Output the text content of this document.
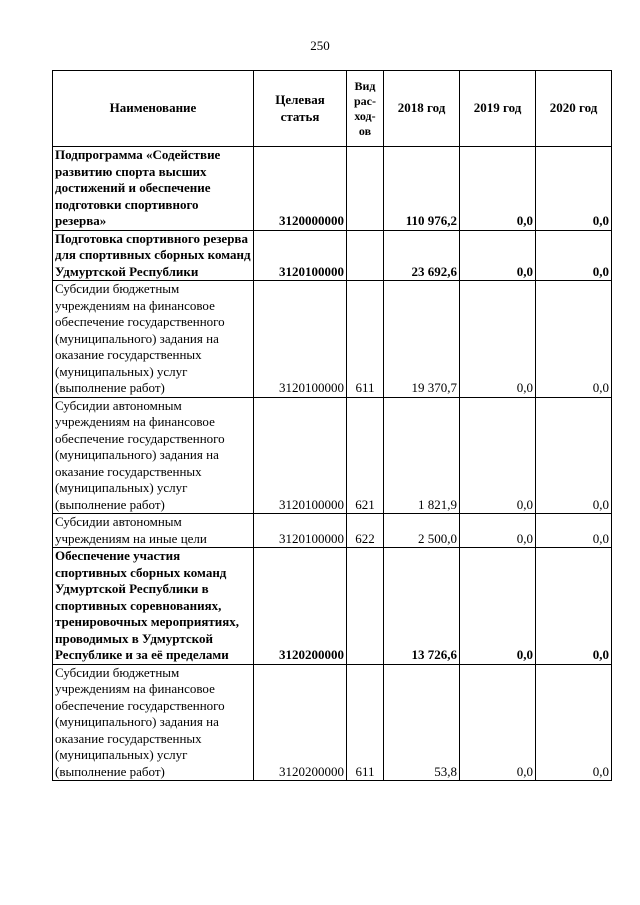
250
Наименование	Целевая статья	Вид рас-ход-ов	2018 год	2019 год	2020 год
Подпрограмма «Содействие развитию спорта высших достижений и обеспечение подготовки спортивного резерва»	3120000000		110 976,2	0,0	0,0
Подготовка спортивного резерва для спортивных сборных команд Удмуртской Республики	3120100000		23 692,6	0,0	0,0
Субсидии бюджетным учреждениям на финансовое обеспечение государственного (муниципального) задания на оказание государственных (муниципальных) услуг (выполнение работ)	3120100000	611	19 370,7	0,0	0,0
Субсидии автономным учреждениям на финансовое обеспечение государственного (муниципального) задания на оказание государственных (муниципальных) услуг (выполнение работ)	3120100000	621	1 821,9	0,0	0,0
Субсидии автономным учреждениям на иные цели	3120100000	622	2 500,0	0,0	0,0
Обеспечение участия спортивных сборных команд Удмуртской Республики в спортивных соревнованиях, тренировочных мероприятиях, проводимых в Удмуртской Республике и за её пределами	3120200000		13 726,6	0,0	0,0
Субсидии бюджетным учреждениям на финансовое обеспечение государственного (муниципального) задания на оказание государственных (муниципальных) услуг (выполнение работ)	3120200000	611	53,8	0,0	0,0
